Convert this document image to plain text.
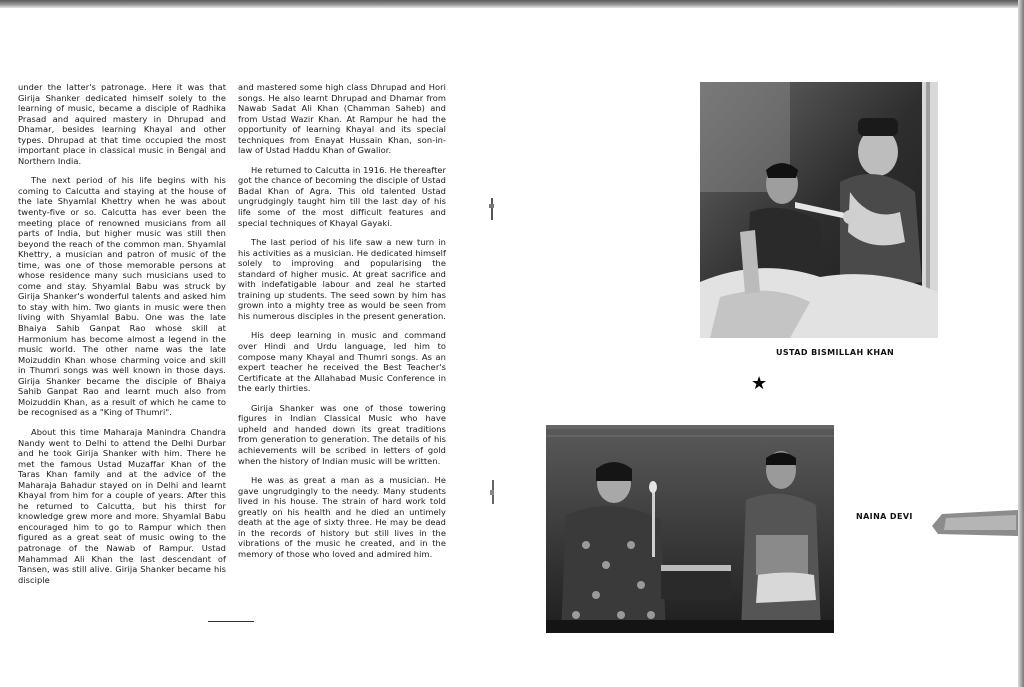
under the latter's patronage. Here it was that Girija Shanker dedicated himself solely to the learning of music, became a disciple of Radhika Prasad and aquired mastery in Dhrupad and Dhamar, besides learning Khayal and other types. Dhrupad at that time occupied the most important place in classical music in Bengal and Northern India.

The next period of his life begins with his coming to Calcutta and staying at the house of the late Shyamlal Khettry when he was about twenty-five or so. Calcutta has ever been the meeting place of renowned musicians from all parts of India, but higher music was still then beyond the reach of the common man. Shyamlal Khettry, a musician and patron of music of the time, was one of those memorable persons at whose residence many such musicians used to come and stay. Shyamlal Babu was struck by Girija Shanker's wonderful talents and asked him to stay with him. Two giants in music were then living with Shyamlal Babu. One was the late Bhaiya Sahib Ganpat Rao whose skill at Harmonium has become almost a legend in the music world. The other name was the late Moizuddin Khan whose charming voice and skill in Thumri songs was well known in those days. Girija Shanker became the disciple of Bhaiya Sahib Ganpat Rao and learnt much also from Moizuddin Khan, as a result of which he came to be recognised as a "King of Thumri".

About this time Maharaja Manindra Chandra Nandy went to Delhi to attend the Delhi Durbar and he took Girija Shanker with him. There he met the famous Ustad Muzaffar Khan of the Taras Khan family and at the advice of the Maharaja Bahadur stayed on in Delhi and learnt Khayal from him for a couple of years. After this he returned to Calcutta, but his thirst for knowledge grew more and more. Shyamlal Babu encouraged him to go to Rampur which then figured as a great seat of music owing to the patronage of the Nawab of Rampur. Ustad Mahammad Ali Khan the last descendant of Tansen, was still alive. Girija Shanker became his disciple

and mastered some high class Dhrupad and Hori songs. He also learnt Dhrupad and Dhamar from Nawab Sadat Ali Khan (Chamman Saheb) and from Ustad Wazir Khan. At Rampur he had the opportunity of learning Khayal and its special techniques from Enayat Hussain Khan, son-in-law of Ustad Haddu Khan of Gwalior.

He returned to Calcutta in 1916. He thereafter got the chance of becoming the disciple of Ustad Badal Khan of Agra. This old talented Ustad ungrudgingly taught him till the last day of his life some of the most difficult features and special techniques of Khayal Gayaki.

The last period of his life saw a new turn in his activities as a musician. He dedicated himself solely to improving and popularising the standard of higher music. At great sacrifice and with indefatigable labour and zeal he started training up students. The seed sown by him has grown into a mighty tree as would be seen from his numerous disciples in the present generation.

His deep learning in music and command over Hindi and Urdu language, led him to compose many Khayal and Thumri songs. As an expert teacher he received the Best Teacher's Certificate at the Allahabad Music Conference in the early thirties.

Girija Shanker was one of those towering figures in Indian Classical Music who have upheld and handed down its great traditions from generation to generation. The details of his achievements will be scribed in letters of gold when the history of Indian music will be written.

He was as great a man as a musician. He gave ungrudgingly to the needy. Many students lived in his house. The strain of hard work told greatly on his health and he died an untimely death at the age of sixty three. He may be dead in the records of history but still lives in the vibrations of the music he created, and in the memory of those who loved and admired him.

USTAD BISMILLAH KHAN
★
NAINA DEVI
